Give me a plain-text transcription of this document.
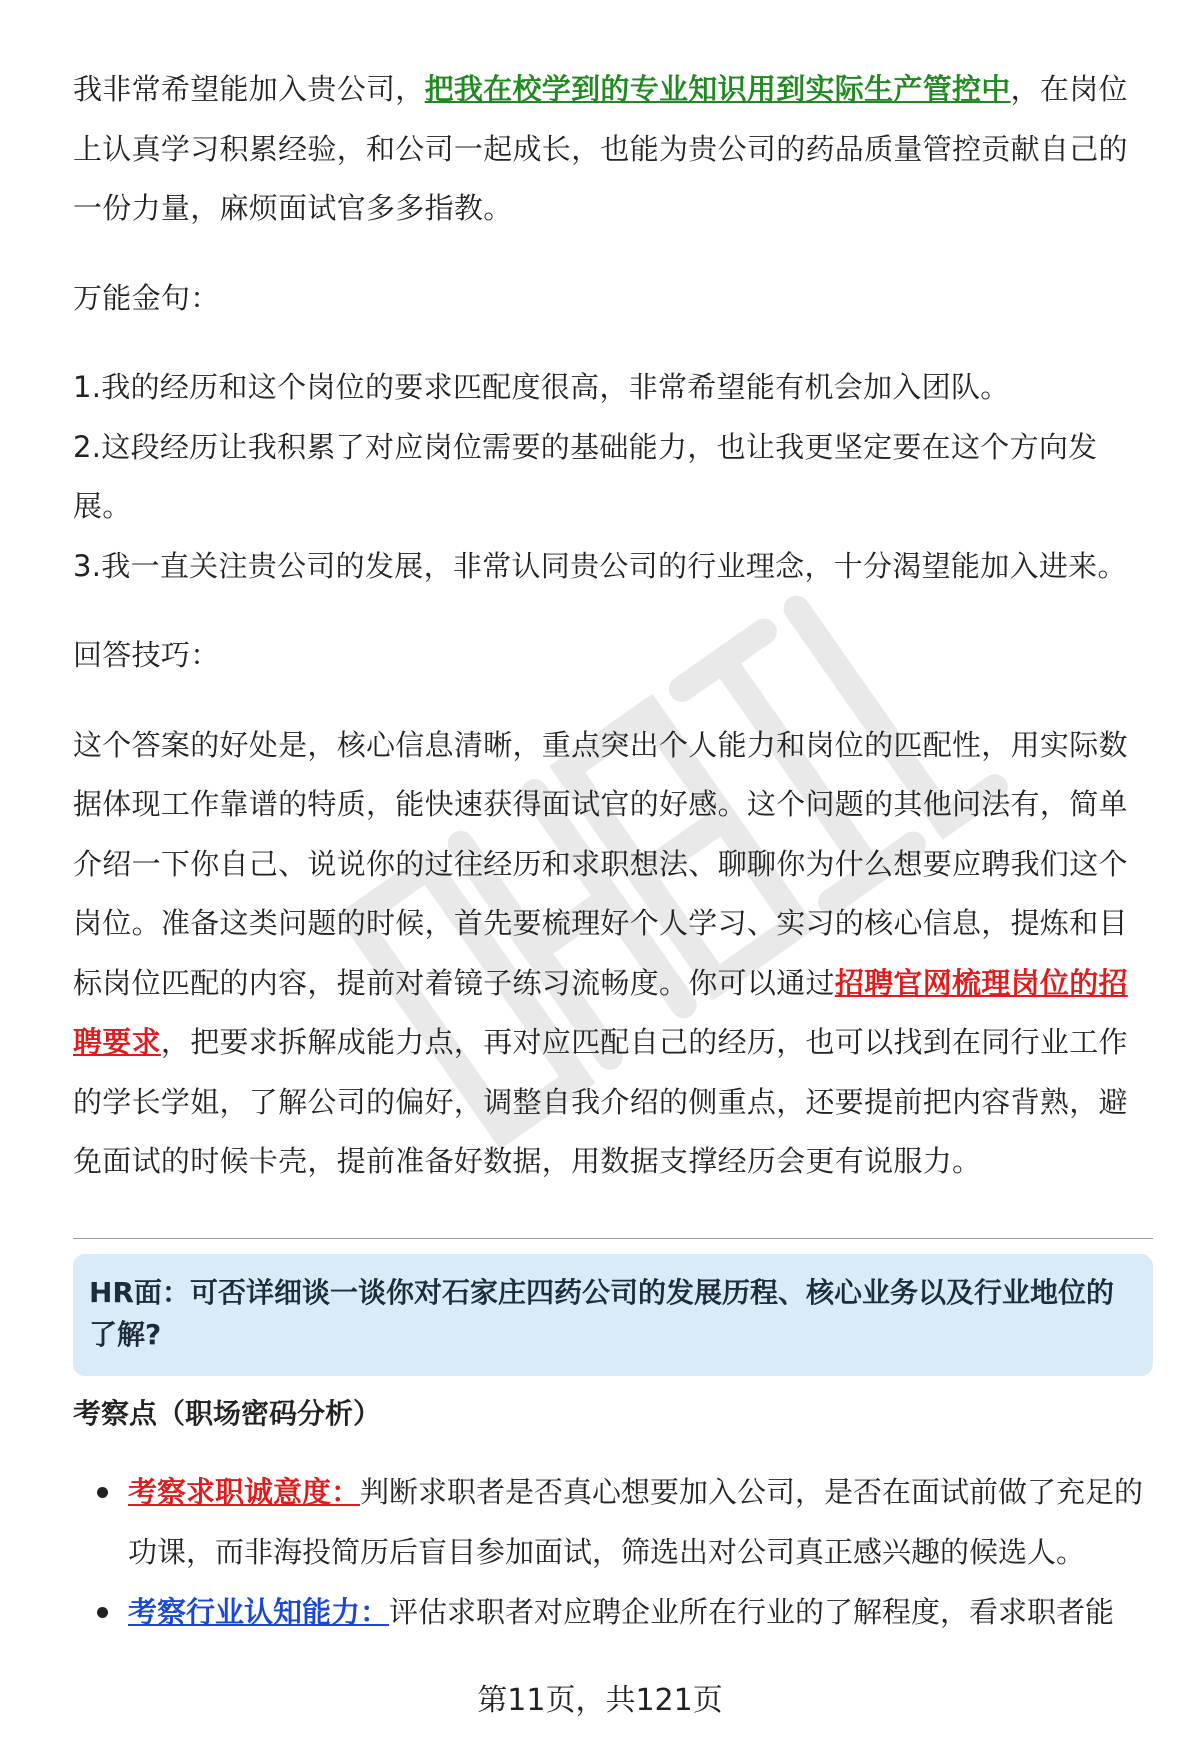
我非常希望能加入贵公司，把我在校学到的专业知识用到实际生产管控中，在岗位上认真学习积累经验，和公司一起成长，也能为贵公司的药品质量管控贡献自己的一份力量，麻烦面试官多多指教。

万能金句：

1.我的经历和这个岗位的要求匹配度很高，非常希望能有机会加入团队。

2.这段经历让我积累了对应岗位需要的基础能力，也让我更坚定要在这个方向发展。

3.我一直关注贵公司的发展，非常认同贵公司的行业理念，十分渴望能加入进来。

回答技巧：

这个答案的好处是，核心信息清晰，重点突出个人能力和岗位的匹配性，用实际数据体现工作靠谱的特质，能快速获得面试官的好感。这个问题的其他问法有，简单介绍一下你自己、说说你的过往经历和求职想法、聊聊你为什么想要应聘我们这个岗位。准备这类问题的时候，首先要梳理好个人学习、实习的核心信息，提炼和目标岗位匹配的内容，提前对着镜子练习流畅度。你可以通过招聘官网梳理岗位的招聘要求，把要求拆解成能力点，再对应匹配自己的经历，也可以找到在同行业工作的学长学姐，了解公司的偏好，调整自我介绍的侧重点，还要提前把内容背熟，避免面试的时候卡壳，提前准备好数据，用数据支撑经历会更有说服力。

HR面：可否详细谈一谈你对石家庄四药公司的发展历程、核心业务以及行业地位的了解?
考察点（职场密码分析）
考察求职诚意度：判断求职者是否真心想要加入公司，是否在面试前做了充足的功课，而非海投简历后盲目参加面试，筛选出对公司真正感兴趣的候选人。
考察行业认知能力：评估求职者对应聘企业所在行业的了解程度，看求职者能
第11页，共121页
